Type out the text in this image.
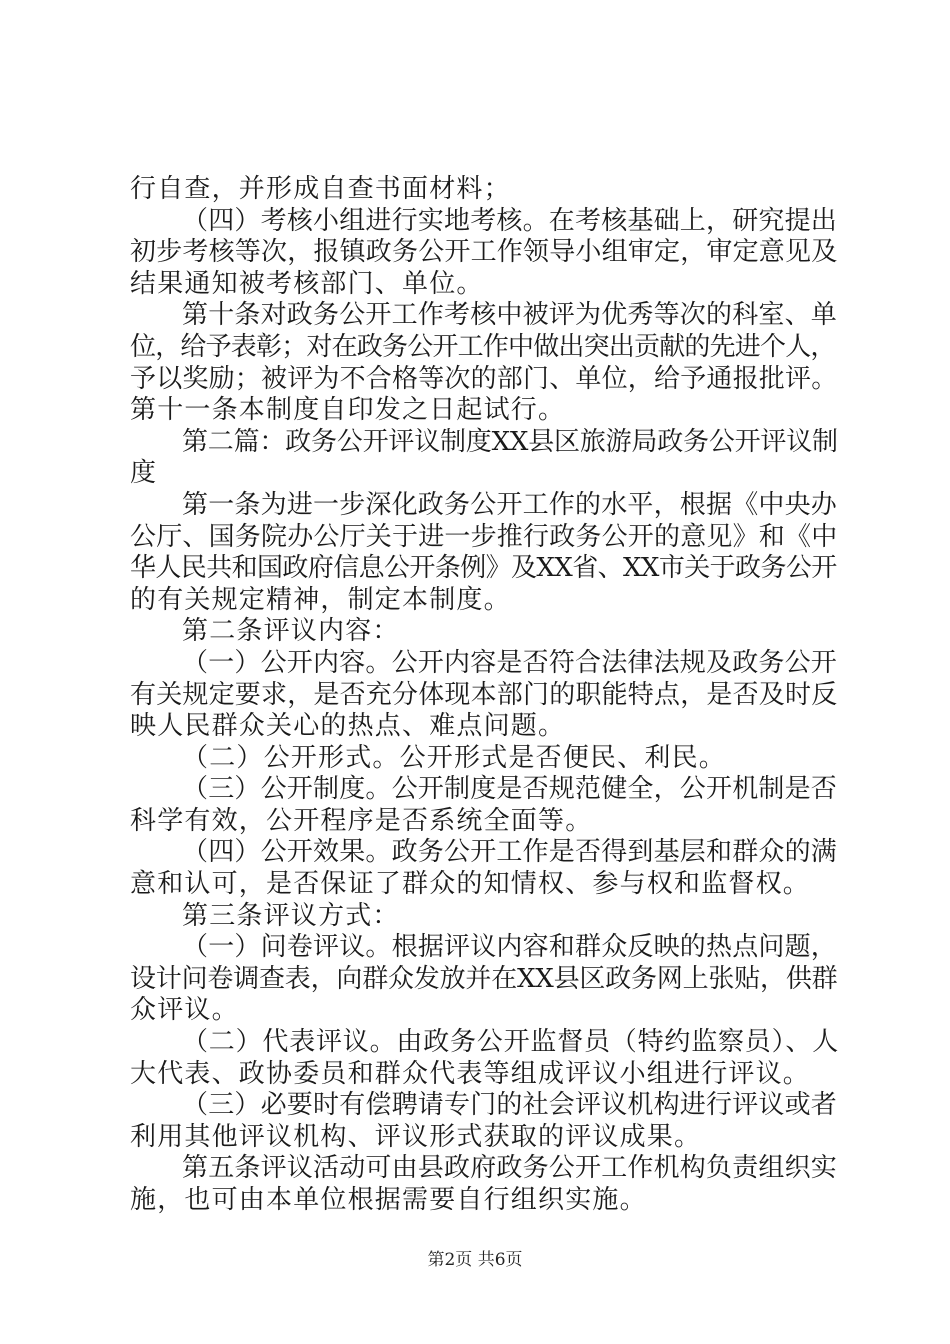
行自查，并形成自查书面材料；
（四）考核小组进行实地考核。在考核基础上，研究提出
初步考核等次，报镇政务公开工作领导小组审定，审定意见及
结果通知被考核部门、单位。
第十条对政务公开工作考核中被评为优秀等次的科室、单
位，给予表彰；对在政务公开工作中做出突出贡献的先进个人，
予以奖励；被评为不合格等次的部门、单位，给予通报批评。
第十一条本制度自印发之日起试行。
第二篇：政务公开评议制度XX县区旅游局政务公开评议制
度
第一条为进一步深化政务公开工作的水平，根据《中央办
公厅、国务院办公厅关于进一步推行政务公开的意见》和《中
华人民共和国政府信息公开条例》及XX省、XX市关于政务公开
的有关规定精神，制定本制度。
第二条评议内容：
（一）公开内容。公开内容是否符合法律法规及政务公开
有关规定要求，是否充分体现本部门的职能特点，是否及时反
映人民群众关心的热点、难点问题。
（二）公开形式。公开形式是否便民、利民。
（三）公开制度。公开制度是否规范健全，公开机制是否
科学有效，公开程序是否系统全面等。
（四）公开效果。政务公开工作是否得到基层和群众的满
意和认可，是否保证了群众的知情权、参与权和监督权。
第三条评议方式：
（一）问卷评议。根据评议内容和群众反映的热点问题，
设计问卷调查表，向群众发放并在XX县区政务网上张贴，供群
众评议。
（二）代表评议。由政务公开监督员（特约监察员）、人
大代表、政协委员和群众代表等组成评议小组进行评议。
（三）必要时有偿聘请专门的社会评议机构进行评议或者
利用其他评议机构、评议形式获取的评议成果。
第五条评议活动可由县政府政务公开工作机构负责组织实
施，也可由本单位根据需要自行组织实施。
第2页 共6页
